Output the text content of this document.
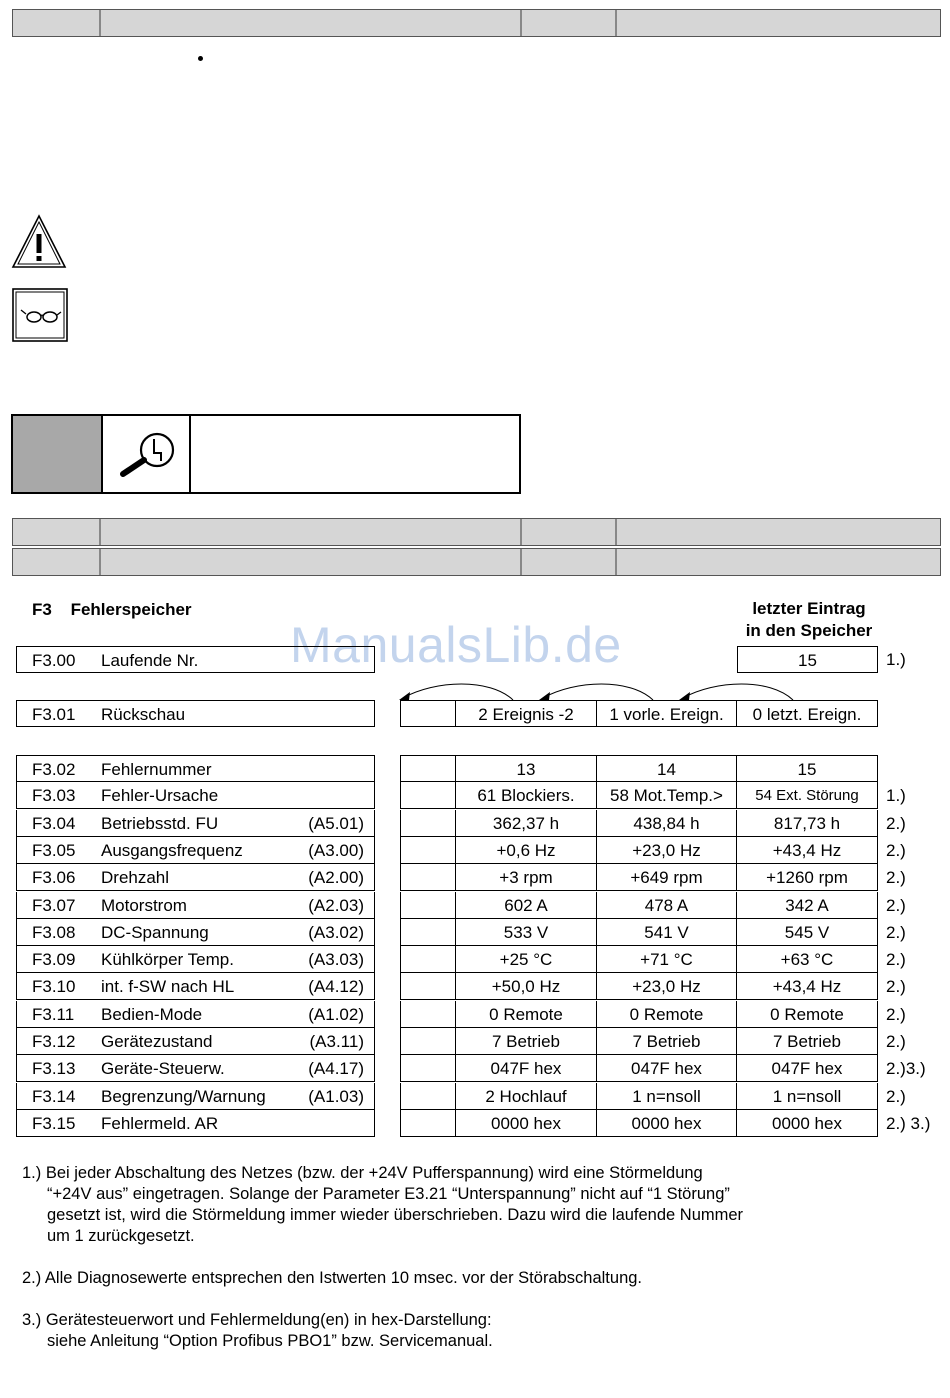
ManualsLib.de
F3 Fehlerspeicher	letzter Eintrag
in den Speicher
F3.00 Laufende Nr.	15	1.)
F3.01 Rückschau	2 Ereignis -2	1 vorle. Ereign.	0 letzt. Ereign.
F3.02 Fehlernummer	13	14	15
F3.03 Fehler-Ursache	61 Blockiers.	58 Mot.Temp.>	54 Ext. Störung	1.)
F3.04 Betriebsstd. FU	(A5.01)	362,37 h	438,84 h	817,73 h	2.)
F3.05 Ausgangsfrequenz	(A3.00)	+0,6 Hz	+23,0 Hz	+43,4 Hz	2.)
F3.06 Drehzahl	(A2.00)	+3 rpm	+649 rpm	+1260 rpm	2.)
F3.07 Motorstrom	(A2.03)	602 A	478 A	342 A	2.)
F3.08 DC-Spannung	(A3.02)	533 V	541 V	545 V	2.)
F3.09 Kühlkörper Temp.	(A3.03)	+25 °C	+71 °C	+63 °C	2.)
F3.10 int. f-SW nach HL	(A4.12)	+50,0 Hz	+23,0 Hz	+43,4 Hz	2.)
F3.11 Bedien-Mode	(A1.02)	0 Remote	0 Remote	0 Remote	2.)
F3.12 Gerätezustand	(A3.11)	7 Betrieb	7 Betrieb	7 Betrieb	2.)
F3.13 Geräte-Steuerw.	(A4.17)	047F hex	047F hex	047F hex	2.)3.)
F3.14 Begrenzung/Warnung (A1.03)	2 Hochlauf	1 n=nsoll	1 n=nsoll	2.)
F3.15 Fehlermeld. AR	0000 hex	0000 hex	0000 hex	2.) 3.)
1.) Bei jeder Abschaltung des Netzes (bzw. der +24V Pufferspannung) wird eine Störmeldung
“+24V aus” eingetragen. Solange der Parameter E3.21 “Unterspannung” nicht auf “1 Störung”
gesetzt ist, wird die Störmeldung immer wieder überschrieben. Dazu wird die laufende Nummer
um 1 zurückgesetzt.
2.) Alle Diagnosewerte entsprechen den Istwerten 10 msec. vor der Störabschaltung.
3.) Gerätesteuerwort und Fehlermeldung(en) in hex-Darstellung:
siehe Anleitung “Option Profibus PBO1” bzw. Servicemanual.
